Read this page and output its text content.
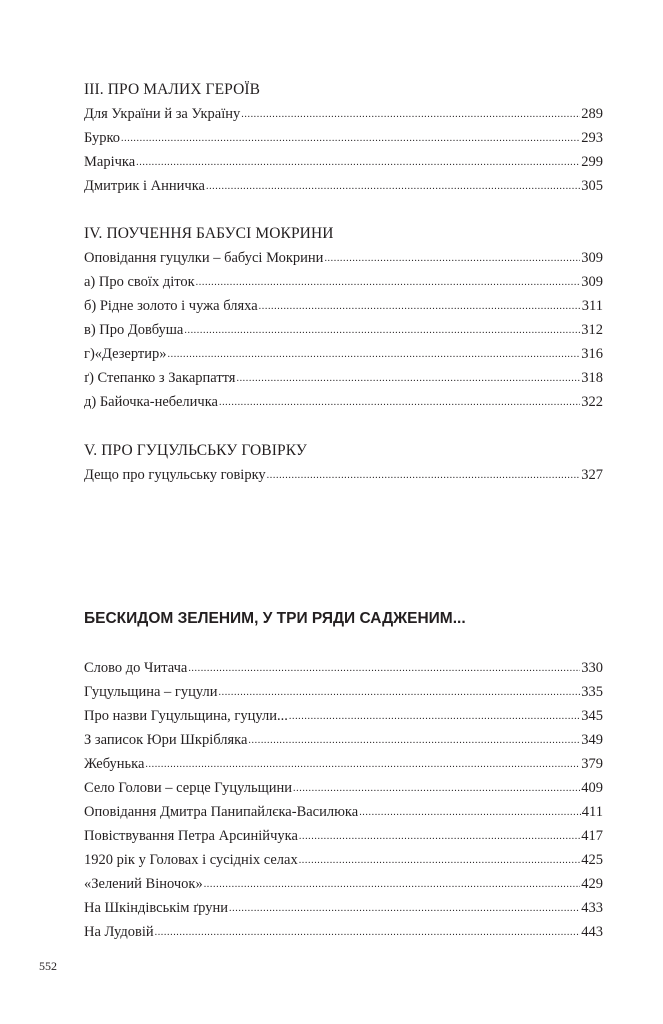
ІІІ. ПРО МАЛИХ ГЕРОЇВ
Для України й за Україну .....	289
Бурко .....	293
Марічка .....	299
Дмитрик і Анничка .....	305
IV. ПОУЧЕННЯ БАБУСІ МОКРИНИ
Оповідання гуцулки – бабусі Мокрини .....	309
а) Про своїх діток .....	309
б) Рідне золото і чужа бляха .....	311
в) Про Довбуша .....	312
г)«Дезертир» .....	316
ґ) Степанко з Закарпаття .....	318
д) Байочка-небеличка .....	322
V. ПРО ГУЦУЛЬСЬКУ ГОВІРКУ
Дещо про гуцульську говірку .....	327
БЕСКИДОМ ЗЕЛЕНИМ, У ТРИ РЯДИ САДЖЕНИМ...
Слово до Читача .....	330
Гуцульщина – гуцули .....	335
Про назви Гуцульщина, гуцули... .....	345
З записок Юри Шкрібляка .....	349
Жебунька .....	379
Село Голови – серце Гуцульщини .....	409
Оповідання Дмитра Панипайлєка-Василюка .....	411
Повіствування Петра Арсинійчука .....	417
1920 рік у Головах і сусідніх селах .....	425
«Зелений Віночок» .....	429
На Шкіндівськім ґруни .....	433
На Лудовій .....	443
552
